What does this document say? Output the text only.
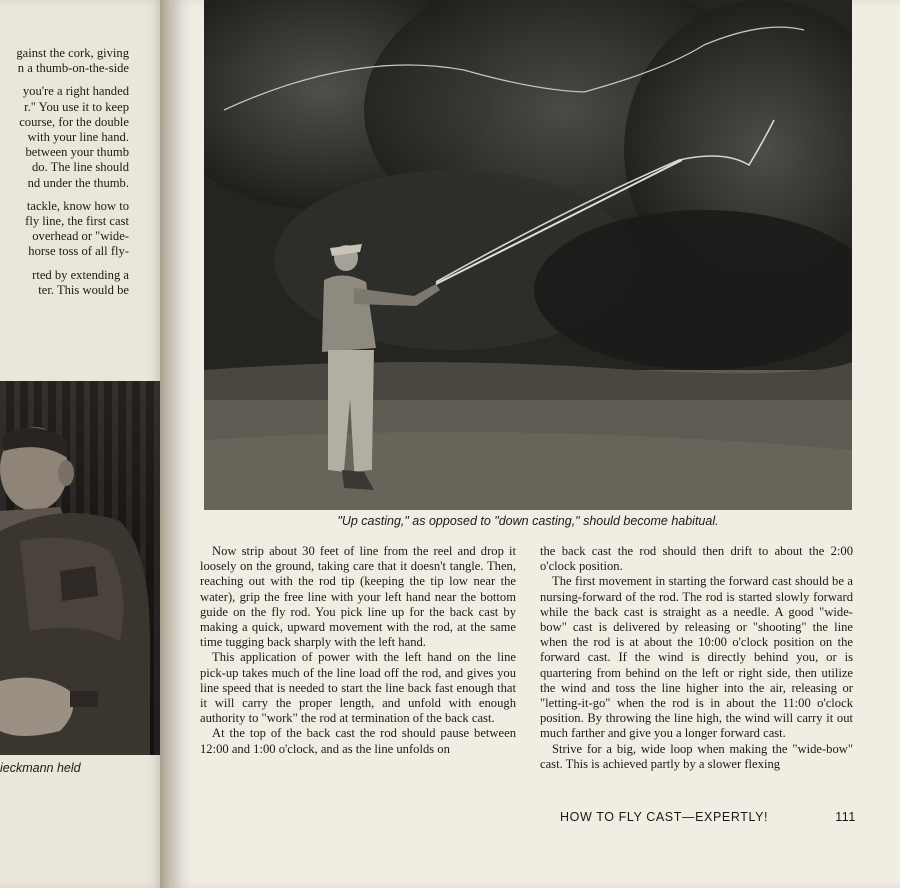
gainst the cork, giving
n a thumb-on-the-side
you're a right handed
r." You use it to keep
course, for the double
with your line hand.
between your thumb
do. The line should
nd under the thumb.
tackle, know how to
fly line, the first cast
overhead or "wide-
horse toss of all fly-
rted by extending a
ter. This would be
ieckmann held
"Up casting," as opposed to "down casting," should become habitual.

Now strip about 30 feet of line from the reel and drop it loosely on the ground, taking care that it doesn't tangle. Then, reaching out with the rod tip (keeping the tip low near the water), grip the free line with your left hand near the bottom guide on the fly rod. You pick line up for the back cast by making a quick, upward movement with the rod, at the same time tugging back sharply with the left hand.

This application of power with the left hand on the line pick-up takes much of the line load off the rod, and gives you line speed that is needed to start the line back fast enough that it will carry the proper length, and unfold with enough authority to "work" the rod at termination of the back cast.

At the top of the back cast the rod should pause between 12:00 and 1:00 o'clock, and as the line unfolds on

the back cast the rod should then drift to about the 2:00 o'clock position.

The first movement in starting the forward cast should be a nursing-forward of the rod. The rod is started slowly forward while the back cast is straight as a needle. A good "wide-bow" cast is delivered by releasing or "shooting" the line when the rod is at about the 10:00 o'clock position on the forward cast. If the wind is directly behind you, or is quartering from behind on the left or right side, then utilize the wind and toss the line higher into the air, releasing or "letting-it-go" when the rod is in about the 11:00 o'clock position. By throwing the line high, the wind will carry it out much farther and give you a longer forward cast.

Strive for a big, wide loop when making the "wide-bow" cast. This is achieved partly by a slower flexing

HOW TO FLY CAST—EXPERTLY!	111
